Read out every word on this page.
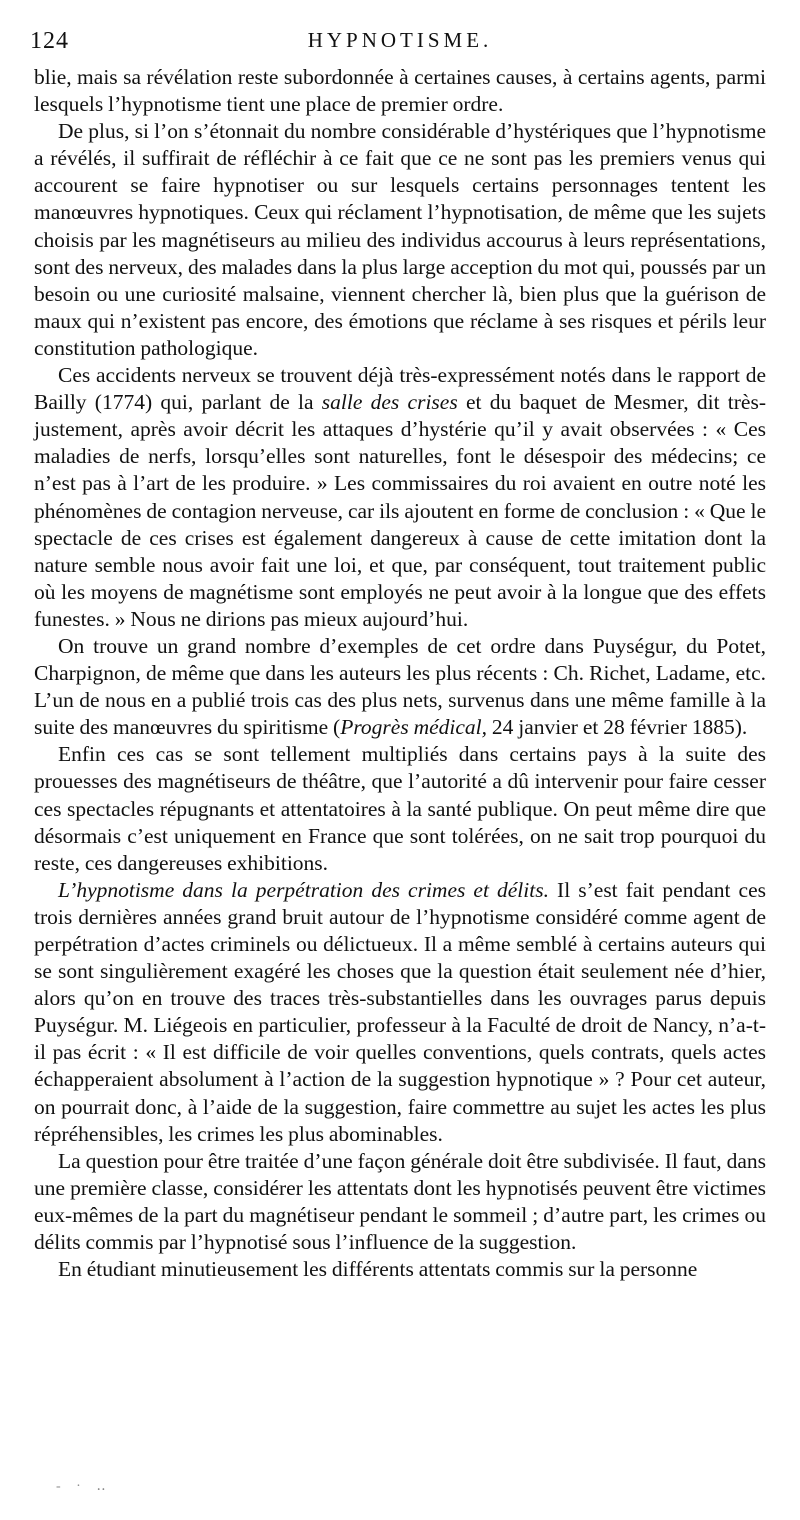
124	HYPNOTISME.

blie, mais sa révélation reste subordonnée à certaines causes, à certains agents, parmi lesquels l’hypnotisme tient une place de premier ordre.

De plus, si l’on s’étonnait du nombre considérable d’hystériques que l’hypnotisme a révélés, il suffirait de réfléchir à ce fait que ce ne sont pas les premiers venus qui accourent se faire hypnotiser ou sur lesquels certains personnages tentent les manœuvres hypnotiques. Ceux qui réclament l’hypnotisation, de même que les sujets choisis par les magnétiseurs au milieu des individus accourus à leurs représentations, sont des nerveux, des malades dans la plus large acception du mot qui, poussés par un besoin ou une curiosité malsaine, viennent chercher là, bien plus que la guérison de maux qui n’existent pas encore, des émotions que réclame à ses risques et périls leur constitution pathologique.

Ces accidents nerveux se trouvent déjà très-expressément notés dans le rapport de Bailly (1774) qui, parlant de la salle des crises et du baquet de Mesmer, dit très-justement, après avoir décrit les attaques d’hystérie qu’il y avait observées : « Ces maladies de nerfs, lorsqu’elles sont naturelles, font le désespoir des médecins; ce n’est pas à l’art de les produire. » Les commissaires du roi avaient en outre noté les phénomènes de contagion nerveuse, car ils ajoutent en forme de conclusion : « Que le spectacle de ces crises est également dangereux à cause de cette imitation dont la nature semble nous avoir fait une loi, et que, par conséquent, tout traitement public où les moyens de magnétisme sont employés ne peut avoir à la longue que des effets funestes. » Nous ne dirions pas mieux aujourd’hui.

On trouve un grand nombre d’exemples de cet ordre dans Puységur, du Potet, Charpignon, de même que dans les auteurs les plus récents : Ch. Richet, Ladame, etc. L’un de nous en a publié trois cas des plus nets, survenus dans une même famille à la suite des manœuvres du spiritisme (Progrès médical, 24 janvier et 28 février 1885).

Enfin ces cas se sont tellement multipliés dans certains pays à la suite des prouesses des magnétiseurs de théâtre, que l’autorité a dû intervenir pour faire cesser ces spectacles répugnants et attentatoires à la santé publique. On peut même dire que désormais c’est uniquement en France que sont tolérées, on ne sait trop pourquoi du reste, ces dangereuses exhibitions.

L’hypnotisme dans la perpétration des crimes et délits. Il s’est fait pendant ces trois dernières années grand bruit autour de l’hypnotisme considéré comme agent de perpétration d’actes criminels ou délictueux. Il a même semblé à certains auteurs qui se sont singulièrement exagéré les choses que la question était seulement née d’hier, alors qu’on en trouve des traces très-substantielles dans les ouvrages parus depuis Puységur. M. Liégeois en particulier, professeur à la Faculté de droit de Nancy, n’a-t-il pas écrit : « Il est difficile de voir quelles conventions, quels contrats, quels actes échapperaient absolument à l’action de la suggestion hypnotique » ? Pour cet auteur, on pourrait donc, à l’aide de la suggestion, faire commettre au sujet les actes les plus répréhensibles, les crimes les plus abominables.

La question pour être traitée d’une façon générale doit être subdivisée. Il faut, dans une première classe, considérer les attentats dont les hypnotisés peuvent être victimes eux-mêmes de la part du magnétiseur pendant le sommeil ; d’autre part, les crimes ou délits commis par l’hypnotisé sous l’influence de la suggestion.

En étudiant minutieusement les différents attentats commis sur la personne

‐ · ‥
